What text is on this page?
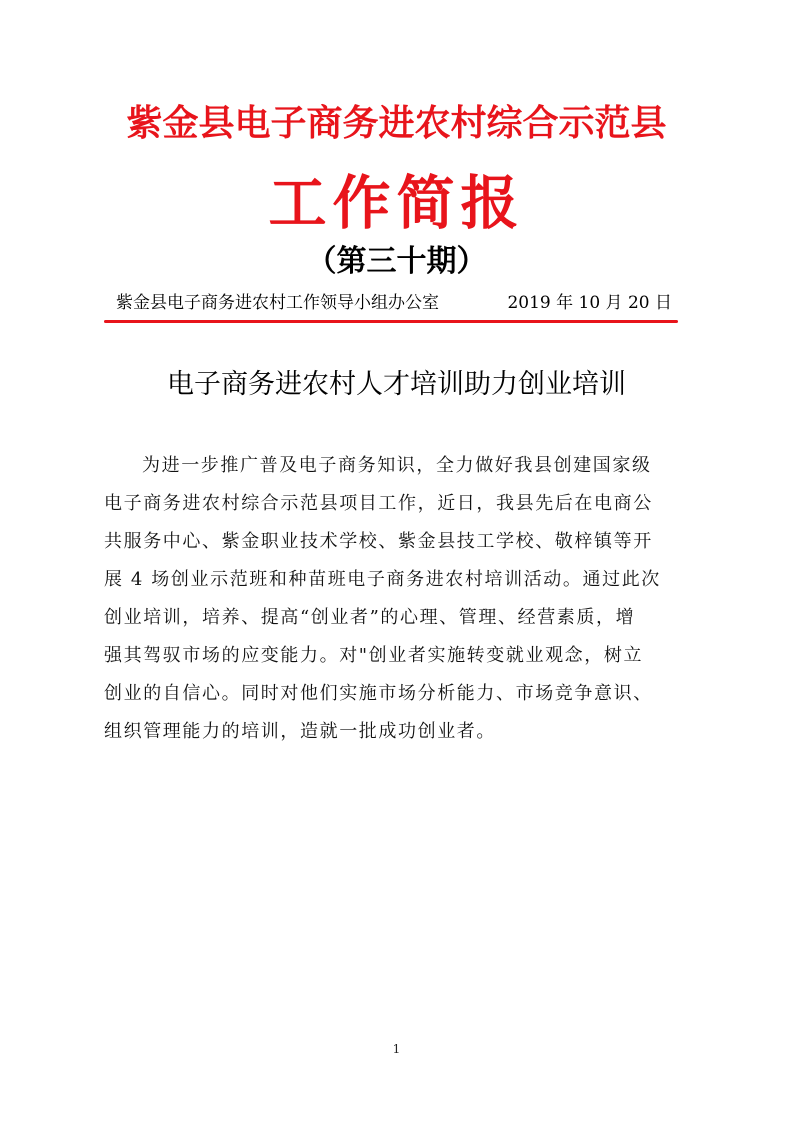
紫金县电子商务进农村综合示范县
工作简报
（第三十期）
紫金县电子商务进农村工作领导小组办公室	2019 年 10 月 20 日
电子商务进农村人才培训助力创业培训
为进一步推广普及电子商务知识，全力做好我县创建国家级
电子商务进农村综合示范县项目工作，近日，我县先后在电商公
共服务中心、紫金职业技术学校、紫金县技工学校、敬梓镇等开
展 4 场创业示范班和种苗班电子商务进农村培训活动。通过此次
创业培训，培养、提高“创业者”的心理、管理、经营素质，增
强其驾驭市场的应变能力。对"创业者实施转变就业观念，树立
创业的自信心。同时对他们实施市场分析能力、市场竞争意识、
组织管理能力的培训，造就一批成功创业者。
1
